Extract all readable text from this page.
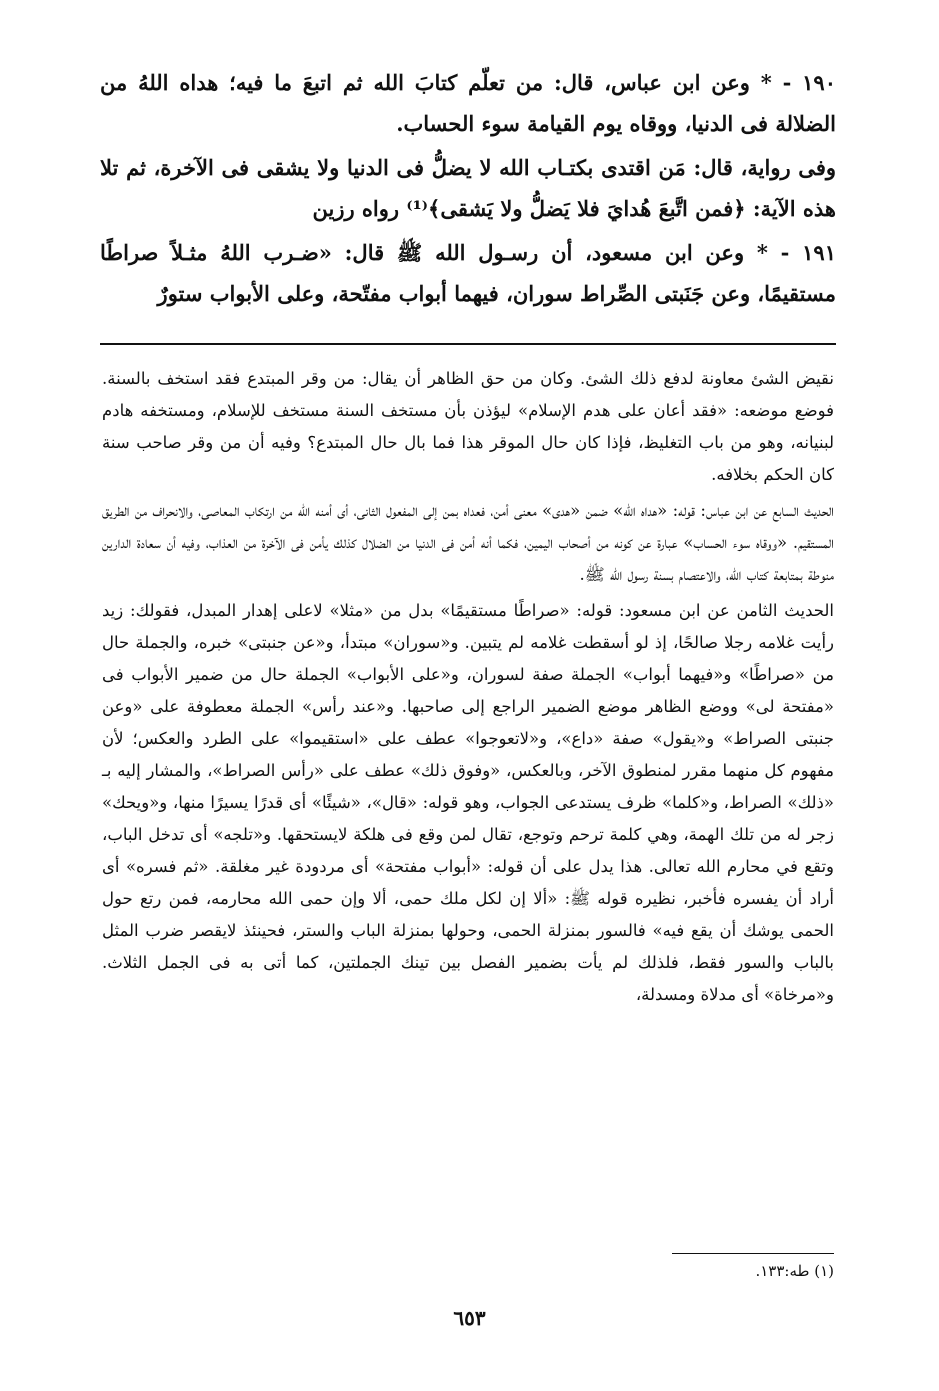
١٩٠ - * وعن ابن عباس، قال: من تعلّم كتابَ الله ثم اتبعَ ما فيه؛ هداه اللهُ من الضلالة فى الدنيا، ووقاه يوم القيامة سوء الحساب.

وفى رواية، قال: مَن اقتدى بكتـاب الله لا يضلُّ فى الدنيا ولا يشقى فى الآخرة، ثم تلا هذه الآية: ﴿فمن اتَّبعَ هُدايَ فلا يَضلُّ ولا يَشقى﴾⁽¹⁾ رواه رزين

١٩١ - * وعن ابن مسعود، أن رسـول الله ﷺ قال: «ضـرب اللهُ مثـلاً صراطًا مستقيمًا، وعن جَنَبتى الصِّراط سوران، فيهما أبواب مفتّحة، وعلى الأبواب ستورٌ

نقيض الشئ معاونة لدفع ذلك الشئ. وكان من حق الظاهر أن يقال: من وقر المبتدع فقد استخف بالسنة. فوضع موضعه: «فقد أعان على هدم الإسلام» ليؤذن بأن مستخف السنة مستخف للإسلام، ومستخفه هادم لبنيانه، وهو من باب التغليظ، فإذا كان حال الموقر هذا فما بال حال المبتدع؟ وفيه أن من وقر صاحب سنة كان الحكم بخلافه.

الحديث السابع عن ابن عباس: قوله: «هداه الله» ضمن «هدى» معنى أمن، فعداه بمن إلى المفعول الثانى، أى أمنه الله من ارتكاب المعاصى، والانحراف من الطريق المستقيم. «ووقاه سوء الحساب» عبارة عن كونه من أصحاب اليمين، فكما أنه أمن فى الدنيا من الضلال كذلك يأمن فى الآخرة من العذاب، وفيه أن سعادة الدارين منوطة بمتابعة كتاب الله، والاعتصام بسنة رسول الله ﷺ.

الحديث الثامن عن ابن مسعود: قوله: «صراطًا مستقيمًا» بدل من «مثلا» لاعلى إهدار المبدل، فقولك: زيد رأيت غلامه رجلا صالحًا، إذ لو أسقطت غلامه لم يتبين. و«سوران» مبتدأ، و«عن جنبتى» خبره، والجملة حال من «صراطًا» و«فيهما أبواب» الجملة صفة لسوران، و«على الأبواب» الجملة حال من ضمير الأبواب فى «مفتحة لى» ووضع الظاهر موضع الضمير الراجع إلى صاحبها. و«عند رأس» الجملة معطوفة على «وعن جنبتى الصراط» و«يقول» صفة «داع»، و«لاتعوجوا» عطف على «استقيموا» على الطرد والعكس؛ لأن مفهوم كل منهما مقرر لمنطوق الآخر، وبالعكس، «وفوق ذلك» عطف على «رأس الصراط»، والمشار إليه بـ «ذلك» الصراط، و«كلما» ظرف يستدعى الجواب، وهو قوله: «قال»، «شيئًا» أى قدرًا يسيرًا منها، و«ويحك» زجر له من تلك الهمة، وهي كلمة ترحم وتوجع، تقال لمن وقع فى هلكة لايستحقها. و«تلجه» أى تدخل الباب، وتقع في محارم الله تعالى. هذا يدل على أن قوله: «أبواب مفتحة» أى مردودة غير مغلقة. «ثم فسره» أى أراد أن يفسره فأخبر، نظيره قوله ﷺ: «ألا إن لكل ملك حمى، ألا وإن حمى الله محارمه، فمن رتع حول الحمى يوشك أن يقع فيه» فالسور بمنزلة الحمى، وحولها بمنزلة الباب والستر، فحينئذ لايقصر ضرب المثل بالباب والسور فقط، فلذلك لم يأت بضمير الفصل بين تينك الجملتين، كما أتى به فى الجمل الثلاث. و«مرخاة» أى مدلاة ومسدلة،

(١) طه:١٣٣.
٦٥٣
